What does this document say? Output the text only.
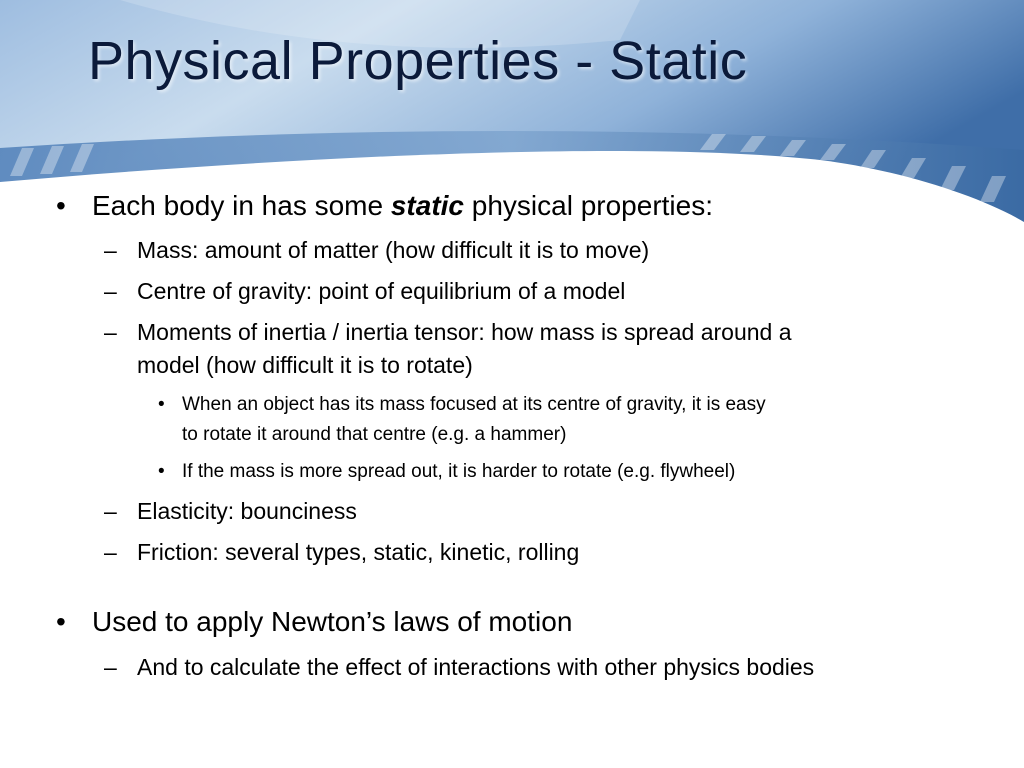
Physical Properties - Static
• Each body in has some static physical properties:
– Mass: amount of matter (how difficult it is to move)
– Centre of gravity: point of equilibrium of a model
– Moments of inertia / inertia tensor: how mass is spread around a
model (how difficult it is to rotate)
• When an object has its mass focused at its centre of gravity, it is easy
to rotate it around that centre (e.g. a hammer)
• If the mass is more spread out, it is harder to rotate (e.g. flywheel)
– Elasticity: bounciness
– Friction: several types, static, kinetic, rolling
• Used to apply Newton’s laws of motion
– And to calculate the effect of interactions with other physics bodies
